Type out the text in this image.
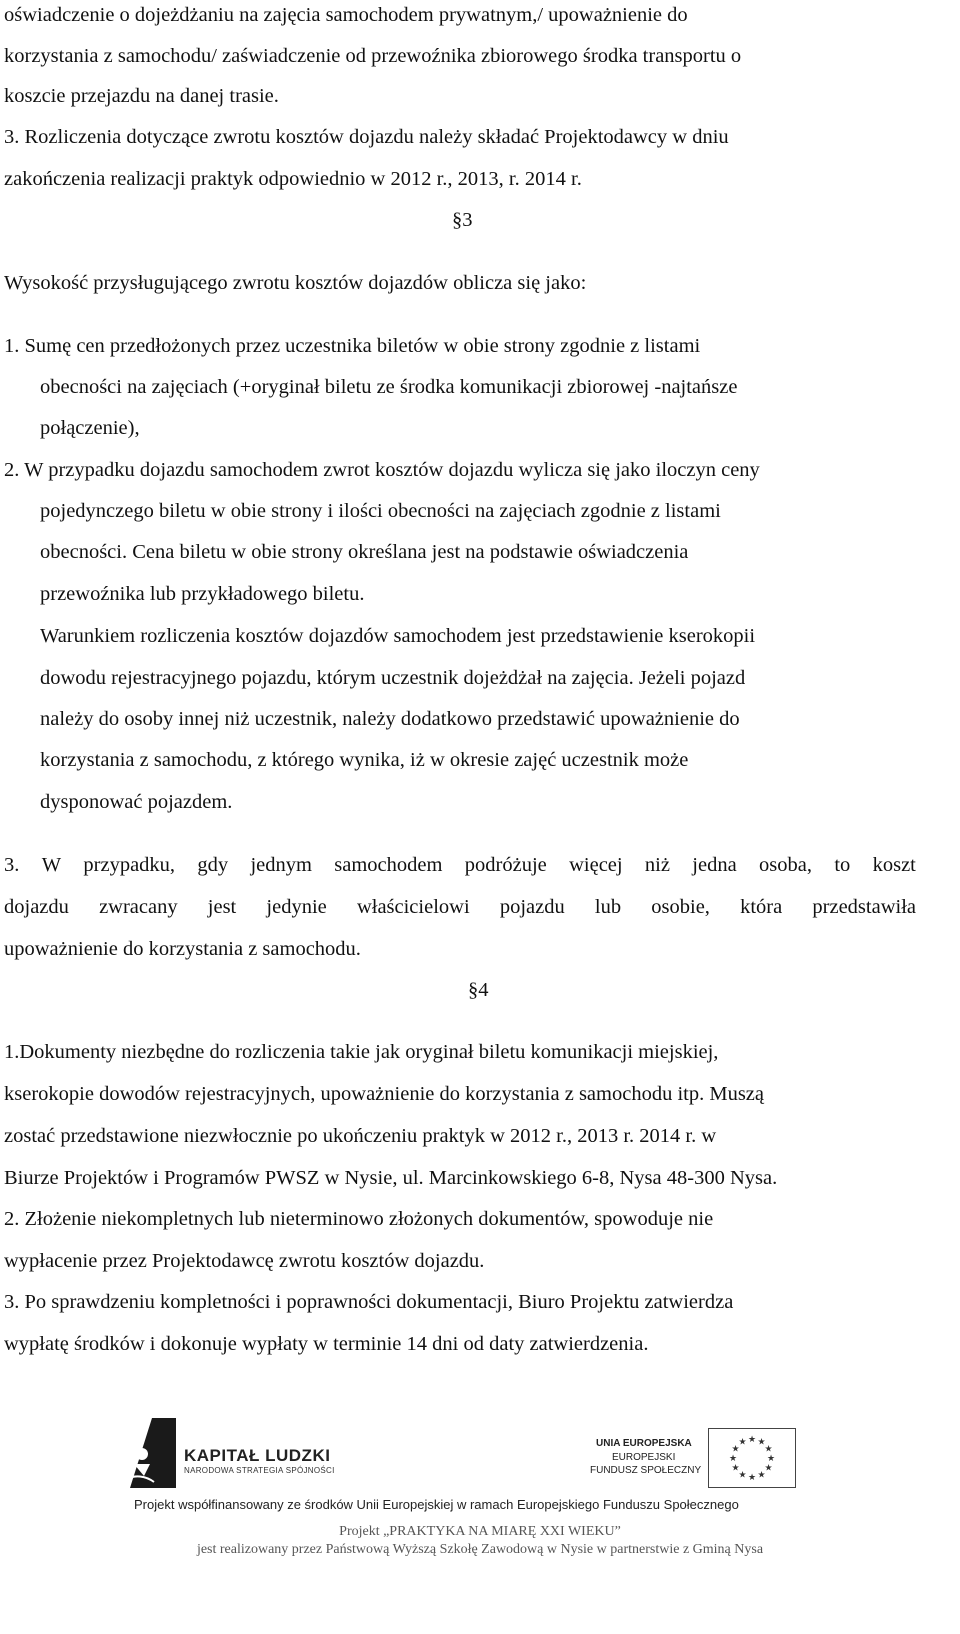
oświadczenie o dojeżdżaniu na zajęcia samochodem prywatnym,/ upoważnienie do
korzystania z samochodu/ zaświadczenie od przewoźnika zbiorowego środka transportu o
koszcie przejazdu na danej trasie.
3. Rozliczenia dotyczące zwrotu kosztów dojazdu należy składać Projektodawcy w dniu
zakończenia realizacji praktyk odpowiednio w 2012 r., 2013, r. 2014 r.
§3
Wysokość przysługującego zwrotu kosztów dojazdów oblicza się jako:
1. Sumę cen przedłożonych przez uczestnika biletów w obie strony zgodnie z listami
obecności na zajęciach (+oryginał biletu ze środka komunikacji zbiorowej -najtańsze
połączenie),
2. W przypadku dojazdu samochodem zwrot kosztów dojazdu wylicza się jako iloczyn ceny
pojedynczego biletu w obie strony i ilości obecności na zajęciach zgodnie z listami
obecności. Cena biletu w obie strony określana jest na podstawie oświadczenia
przewoźnika lub przykładowego biletu.
Warunkiem rozliczenia kosztów dojazdów samochodem jest przedstawienie kserokopii
dowodu rejestracyjnego pojazdu, którym uczestnik dojeżdżał na zajęcia. Jeżeli pojazd
należy do osoby innej niż uczestnik, należy dodatkowo przedstawić upoważnienie do
korzystania z samochodu, z którego wynika, iż w okresie zajęć uczestnik może
dysponować pojazdem.
3. W przypadku, gdy jednym samochodem podróżuje więcej niż jedna osoba, to koszt
dojazdu zwracany jest jedynie właścicielowi pojazdu lub osobie, która przedstawiła
upoważnienie do korzystania z samochodu.
§4
1.Dokumenty niezbędne do rozliczenia takie jak oryginał biletu komunikacji miejskiej,
kserokopie dowodów rejestracyjnych, upoważnienie do korzystania z samochodu itp. Muszą
zostać przedstawione niezwłocznie po ukończeniu praktyk w 2012 r., 2013 r. 2014 r. w
Biurze Projektów i Programów PWSZ w Nysie, ul. Marcinkowskiego 6-8, Nysa 48-300 Nysa.
2. Złożenie niekompletnych lub nieterminowo złożonych dokumentów, spowoduje nie
wypłacenie przez Projektodawcę zwrotu kosztów dojazdu.
3. Po sprawdzeniu kompletności i poprawności dokumentacji, Biuro Projektu zatwierdza
wypłatę środków i dokonuje wypłaty w terminie 14 dni od daty zatwierdzenia.
KAPITAŁ LUDZKI
NARODOWA STRATEGIA SPÓJNOŚCI
UNIA EUROPEJSKA
EUROPEJSKI
FUNDUSZ SPOŁECZNY
★
★
★
★
★
★
★
★
★ ★ ★
★
Projekt współfinansowany ze środków Unii Europejskiej w ramach Europejskiego Funduszu Społecznego
Projekt „PRAKTYKA NA MIARĘ XXI WIEKU”
jest realizowany przez Państwową Wyższą Szkołę Zawodową w Nysie w partnerstwie z Gminą Nysa
